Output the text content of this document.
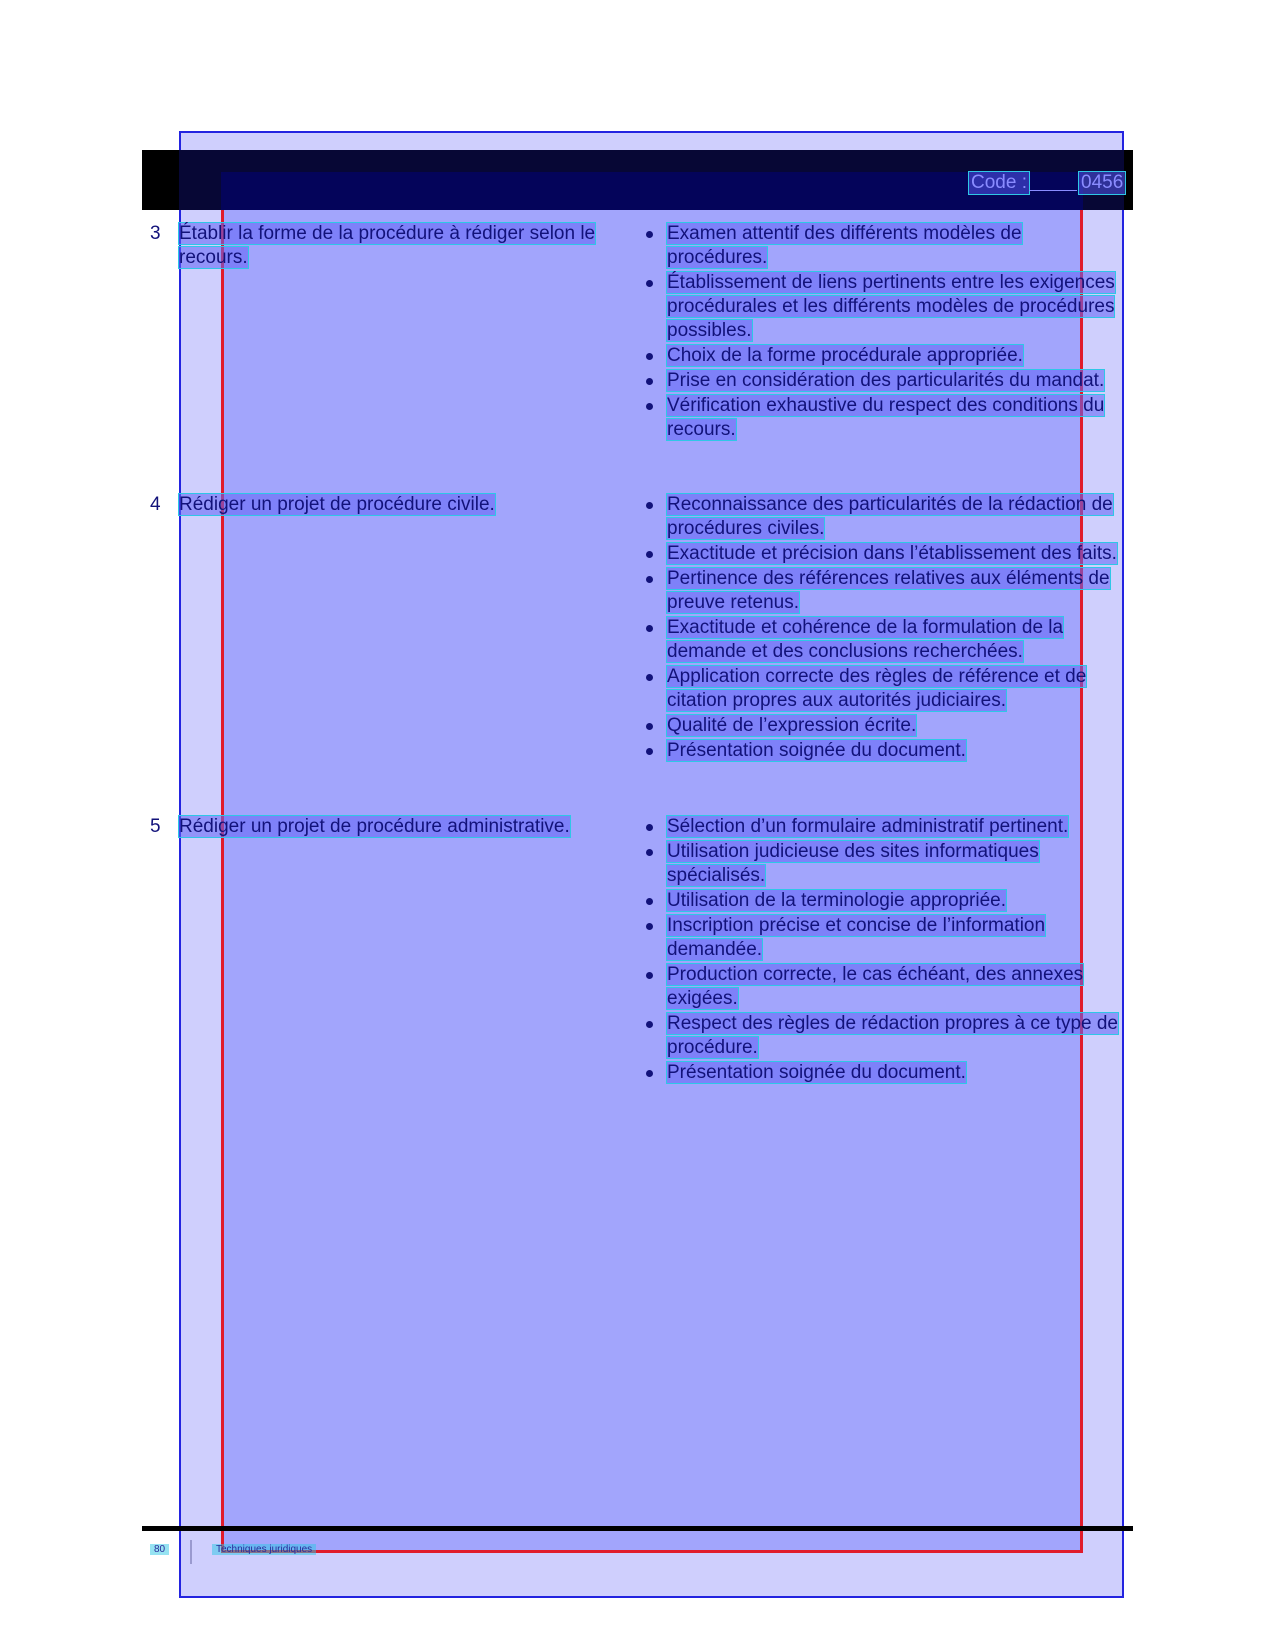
Code :	0456
3 Établir la forme de la procédure à rédiger selon le recours.
Examen attentif des différents modèles de procédures.
Établissement de liens pertinents entre les exigences procédurales et les différents modèles de procédures possibles.
Choix de la forme procédurale appropriée.
Prise en considération des particularités du mandat.
Vérification exhaustive du respect des conditions du recours.
4 Rédiger un projet de procédure civile.	Reconnaissance des particularités de la rédaction de procédures civiles.
Exactitude et précision dans l’établissement des faits.
Pertinence des références relatives aux éléments de preuve retenus.
Exactitude et cohérence de la formulation de la demande et des conclusions recherchées.
Application correcte des règles de référence et de citation propres aux autorités judiciaires.
Qualité de l’expression écrite.
Présentation soignée du document.
5 Rédiger un projet de procédure administrative.	Sélection d’un formulaire administratif pertinent.
Utilisation judicieuse des sites informatiques spécialisés.
Utilisation de la terminologie appropriée.
Inscription précise et concise de l’information demandée.
Production correcte, le cas échéant, des annexes exigées.
Respect des règles de rédaction propres à ce type de procédure.
Présentation soignée du document.
80	Techniques juridiques
